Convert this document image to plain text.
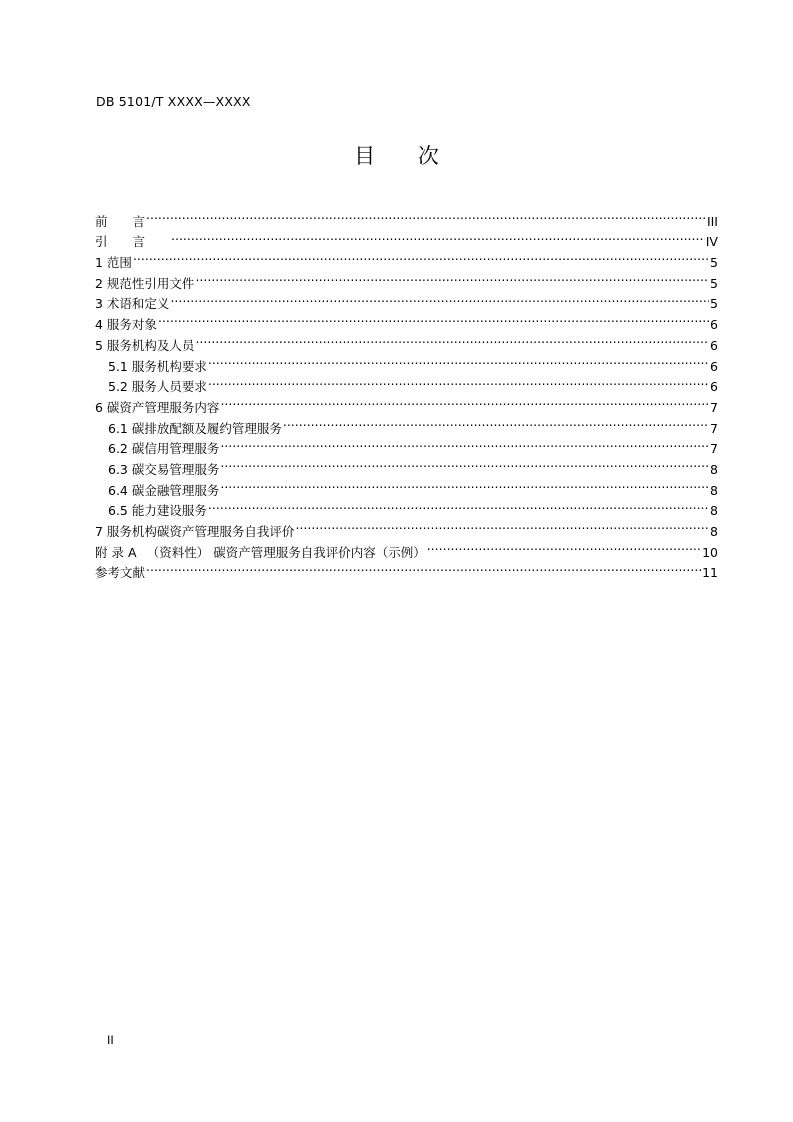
DB 5101/T XXXX—XXXX
目 次
前　　言 .....	III
引　　言　　 .....	IV
1 范围 .....	5
2 规范性引用文件 .....	5
3 术语和定义 .....	5
4 服务对象 .....	6
5 服务机构及人员 .....	6
5.1 服务机构要求 .....	6
5.2 服务人员要求 .....	6
6 碳资产管理服务内容 .....	7
6.1 碳排放配额及履约管理服务 .....	7
6.2 碳信用管理服务 .....	7
6.3 碳交易管理服务 .....	8
6.4 碳金融管理服务 .....	8
6.5 能力建设服务 .....	8
7 服务机构碳资产管理服务自我评价 .....	8
附 录 A 　（资料性） 碳资产管理服务自我评价内容（示例） .....	10
参考文献 .....	11
II
